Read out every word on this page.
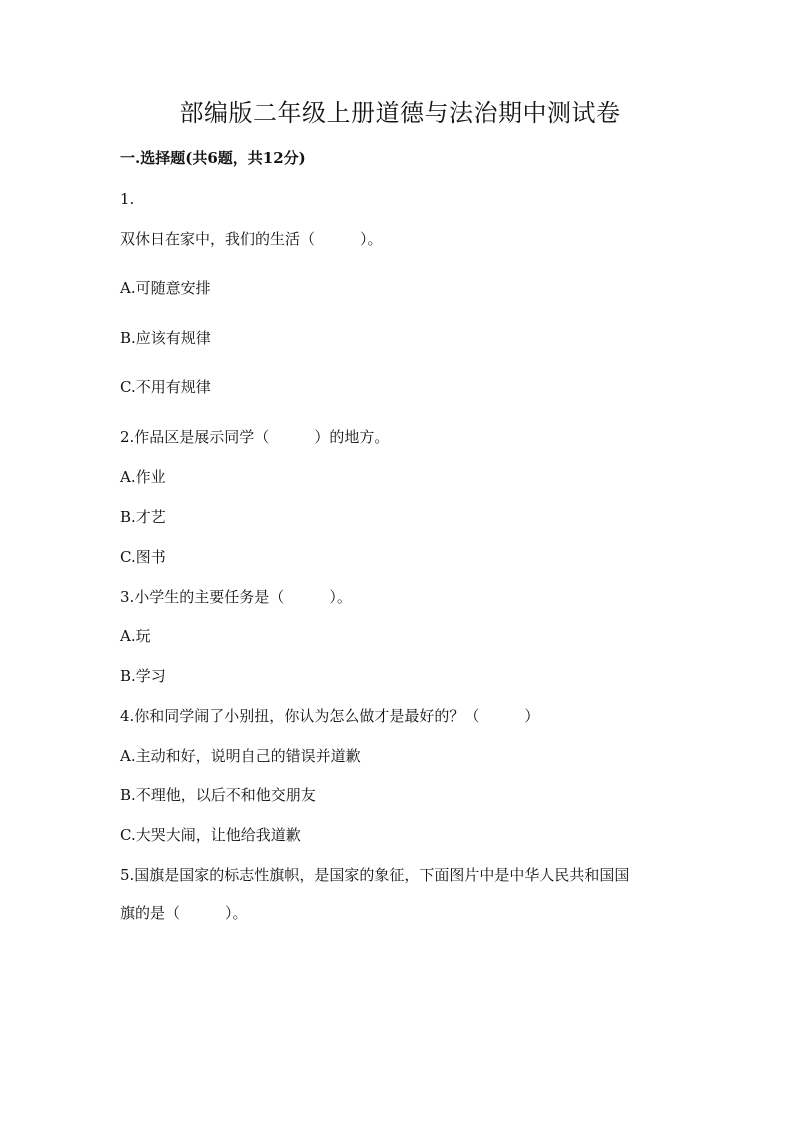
部编版二年级上册道德与法治期中测试卷

一.选择题(共6题，共12分)

1.

双休日在家中，我们的生活（　　　）。

A.可随意安排

B.应该有规律

C.不用有规律

2.作品区是展示同学（　　　）的地方。

A.作业

B.才艺

C.图书

3.小学生的主要任务是（　　　）。

A.玩

B.学习

4.你和同学闹了小别扭，你认为怎么做才是最好的？（　　　）

A.主动和好，说明自己的错误并道歉

B.不理他，以后不和他交朋友

C.大哭大闹，让他给我道歉

5.国旗是国家的标志性旗帜，是国家的象征，下面图片中是中华人民共和国国

旗的是（　　　）。
